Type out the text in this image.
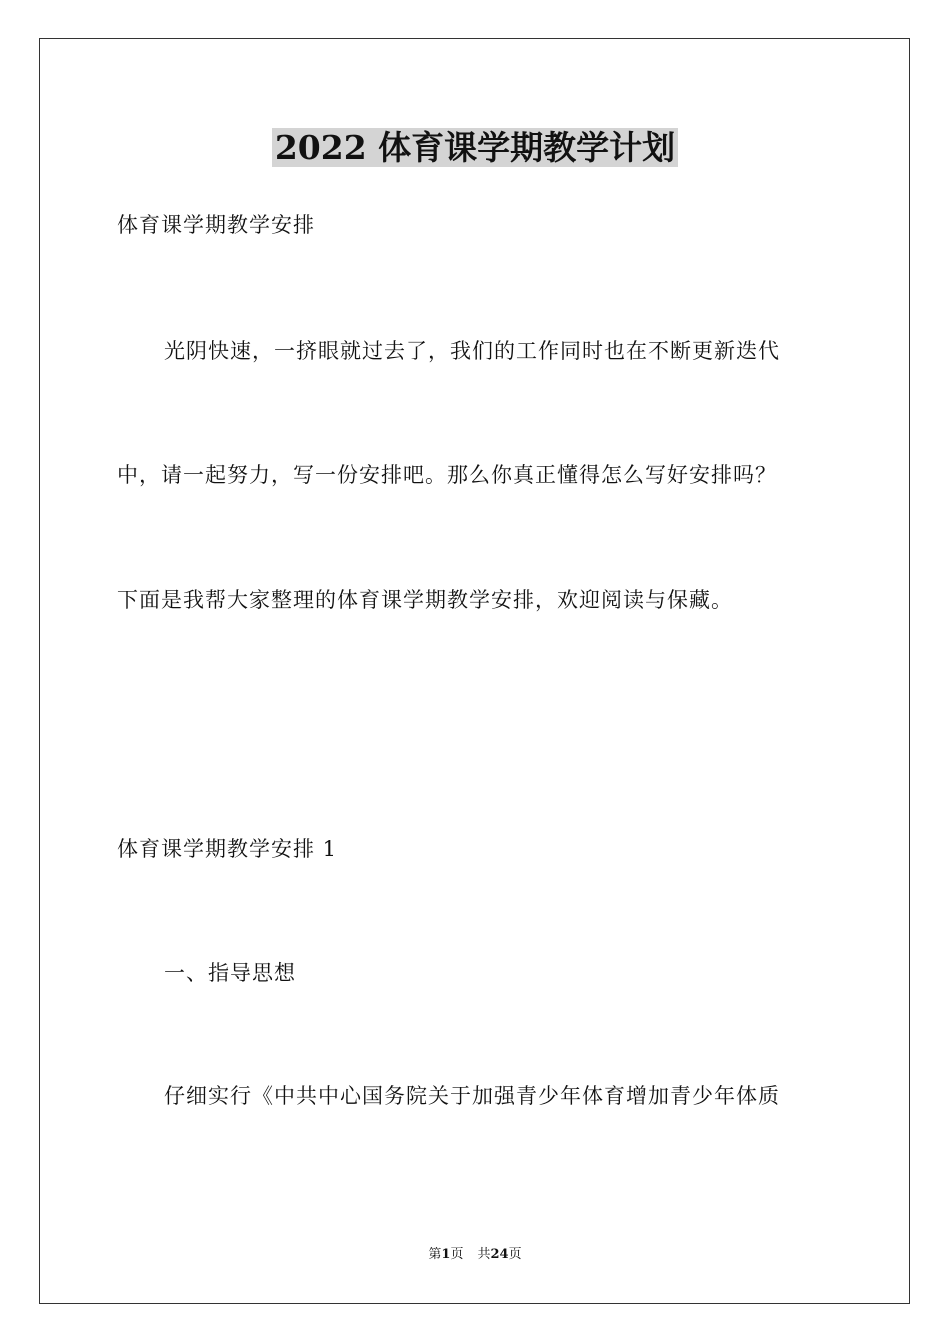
2022 体育课学期教学计划

体育课学期教学安排

光阴快速，一挤眼就过去了，我们的工作同时也在不断更新迭代

中，请一起努力，写一份安排吧。那么你真正懂得怎么写好安排吗？

下面是我帮大家整理的体育课学期教学安排，欢迎阅读与保藏。

体育课学期教学安排 1

一、指导思想

仔细实行《中共中心国务院关于加强青少年体育增加青少年体质

第1页 共24页
